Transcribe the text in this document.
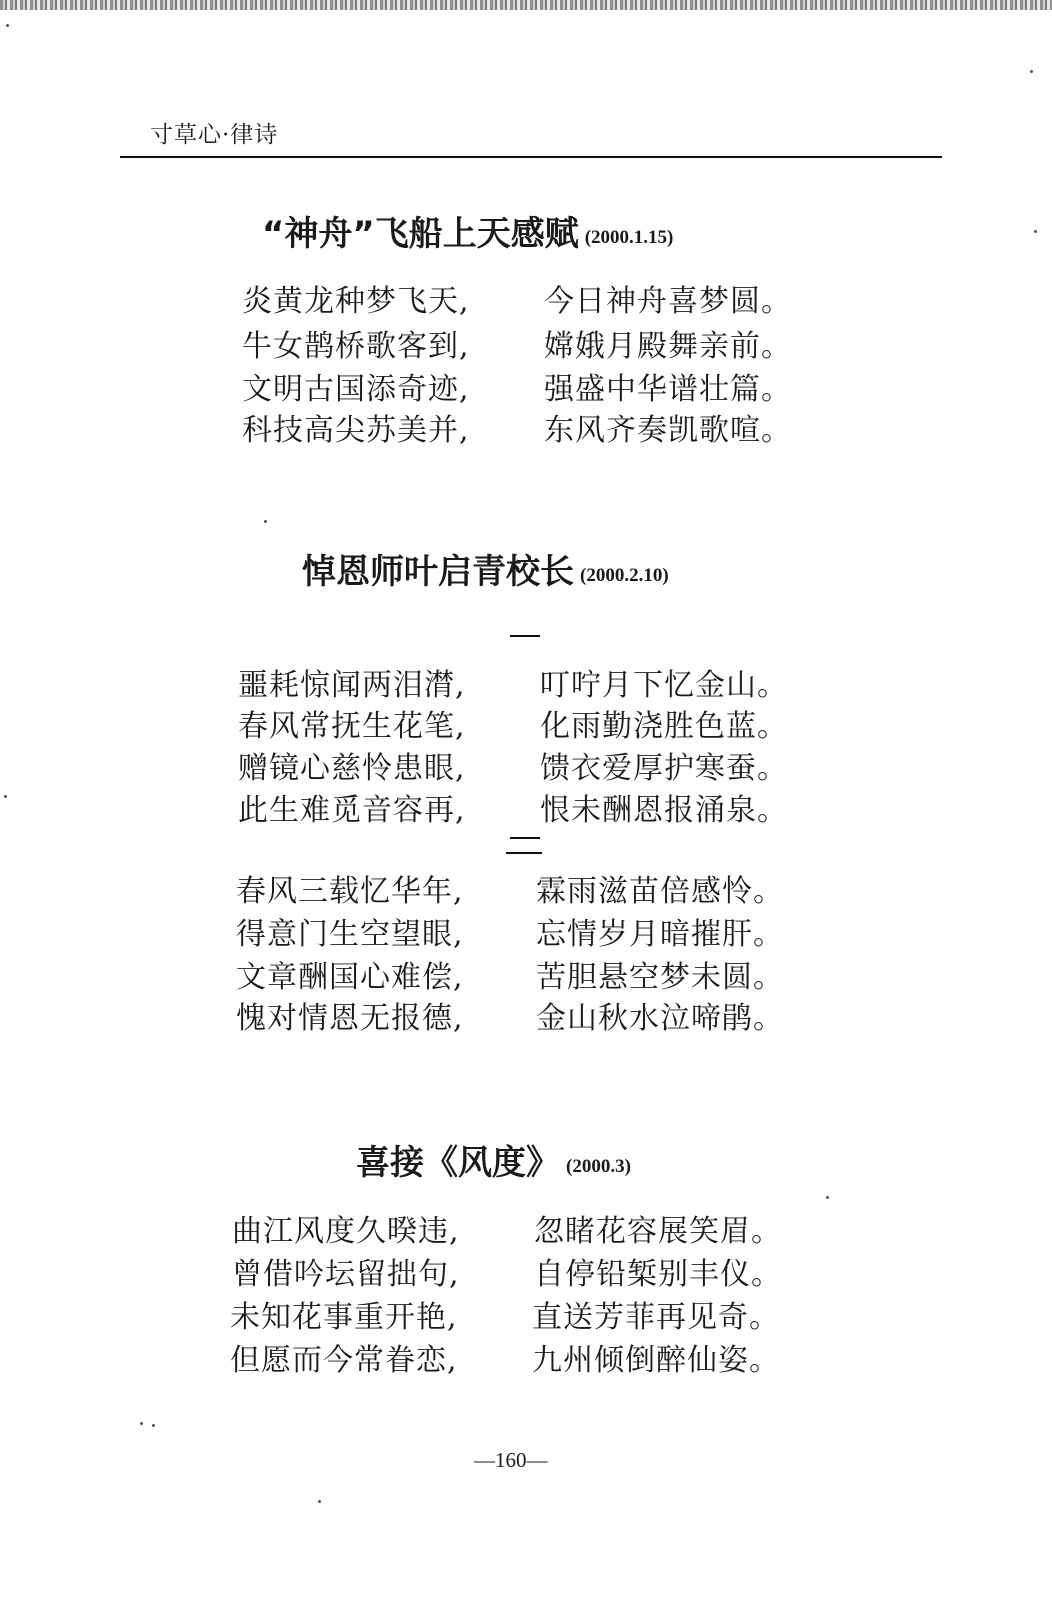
寸草心·律诗
“神舟”飞船上天感赋 (2000.1.15)
炎黄龙种梦飞天, 今日神舟喜梦圆。
牛女鹊桥歌客到, 嫦娥月殿舞亲前。
文明古国添奇迹, 强盛中华谱壮篇。
科技高尖苏美并, 东风齐奏凯歌喧。
悼恩师叶启青校长 (2000.2.10)
噩耗惊闻两泪潸, 叮咛月下忆金山。
春风常抚生花笔, 化雨勤浇胜色蓝。
赠镜心慈怜患眼, 馈衣爱厚护寒蚕。
此生难觅音容再, 恨未酬恩报涌泉。
春风三载忆华年, 霖雨滋苗倍感怜。
得意门生空望眼, 忘情岁月暗摧肝。
文章酬国心难偿, 苦胆悬空梦未圆。
愧对情恩无报德, 金山秋水泣啼鹃。
喜接《风度》 (2000.3)
曲江风度久暌违, 忽睹花容展笑眉。
曾借吟坛留拙句, 自停铅椠别丰仪。
未知花事重开艳, 直送芳菲再见奇。
但愿而今常眷恋, 九州倾倒醉仙姿。
—160—
